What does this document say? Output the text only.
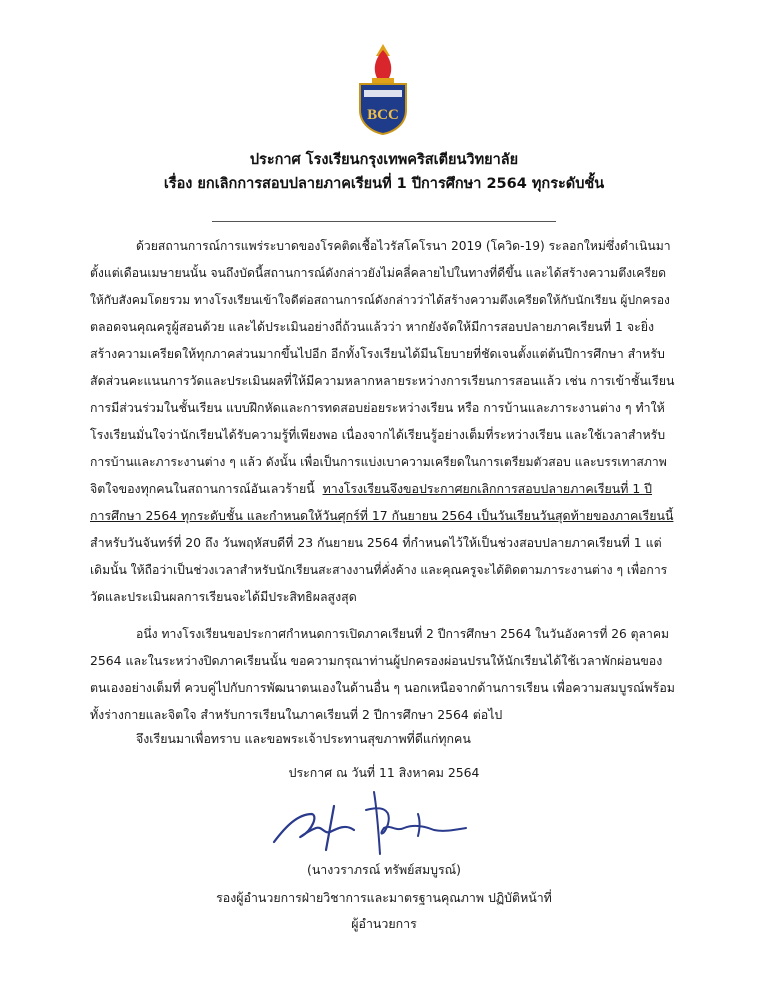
BCC
ประกาศ โรงเรียนกรุงเทพคริสเตียนวิทยาลัย
เรื่อง ยกเลิกการสอบปลายภาคเรียนที่ 1 ปีการศึกษา 2564 ทุกระดับชั้น
ด้วยสถานการณ์การแพร่ระบาดของโรคติดเชื้อไวรัสโคโรนา 2019 (โควิด-19) ระลอกใหม่ซึ่งดำเนินมา
ตั้งแต่เดือนเมษายนนั้น จนถึงบัดนี้สถานการณ์ดังกล่าวยังไม่คลี่คลายไปในทางที่ดีขึ้น และได้สร้างความตึงเครียด
ให้กับสังคมโดยรวม ทางโรงเรียนเข้าใจดีต่อสถานการณ์ดังกล่าวว่าได้สร้างความตึงเครียดให้กับนักเรียน ผู้ปกครอง
ตลอดจนคุณครูผู้สอนด้วย และได้ประเมินอย่างถี่ถ้วนแล้วว่า หากยังจัดให้มีการสอบปลายภาคเรียนที่ 1 จะยิ่ง
สร้างความเครียดให้ทุกภาคส่วนมากขึ้นไปอีก อีกทั้งโรงเรียนได้มีนโยบายที่ชัดเจนตั้งแต่ต้นปีการศึกษา สำหรับ
สัดส่วนคะแนนการวัดและประเมินผลที่ให้มีความหลากหลายระหว่างการเรียนการสอนแล้ว เช่น การเข้าชั้นเรียน
การมีส่วนร่วมในชั้นเรียน แบบฝึกหัดและการทดสอบย่อยระหว่างเรียน หรือ การบ้านและภาระงานต่าง ๆ ทำให้
โรงเรียนมั่นใจว่านักเรียนได้รับความรู้ที่เพียงพอ เนื่องจากได้เรียนรู้อย่างเต็มที่ระหว่างเรียน และใช้เวลาสำหรับ
การบ้านและภาระงานต่าง ๆ แล้ว ดังนั้น เพื่อเป็นการแบ่งเบาความเครียดในการเตรียมตัวสอบ และบรรเทาสภาพ
จิตใจของทุกคนในสถานการณ์อันเลวร้ายนี้ ทางโรงเรียนจึงขอประกาศยกเลิกการสอบปลายภาคเรียนที่ 1 ปี
การศึกษา 2564 ทุกระดับชั้น และกำหนดให้วันศุกร์ที่ 17 กันยายน 2564 เป็นวันเรียนวันสุดท้ายของภาคเรียนนี้
สำหรับวันจันทร์ที่ 20 ถึง วันพฤหัสบดีที่ 23 กันยายน 2564 ที่กำหนดไว้ให้เป็นช่วงสอบปลายภาคเรียนที่ 1 แต่
เดิมนั้น ให้ถือว่าเป็นช่วงเวลาสำหรับนักเรียนสะสางงานที่คั่งค้าง และคุณครูจะได้ติดตามภาระงานต่าง ๆ เพื่อการ
วัดและประเมินผลการเรียนจะได้มีประสิทธิผลสูงสุด
อนึ่ง ทางโรงเรียนขอประกาศกำหนดการเปิดภาคเรียนที่ 2 ปีการศึกษา 2564 ในวันอังคารที่ 26 ตุลาคม
2564 และในระหว่างปิดภาคเรียนนั้น ขอความกรุณาท่านผู้ปกครองผ่อนปรนให้นักเรียนได้ใช้เวลาพักผ่อนของ
ตนเองอย่างเต็มที่ ควบคู่ไปกับการพัฒนาตนเองในด้านอื่น ๆ นอกเหนือจากด้านการเรียน เพื่อความสมบูรณ์พร้อม
ทั้งร่างกายและจิตใจ สำหรับการเรียนในภาคเรียนที่ 2 ปีการศึกษา 2564 ต่อไป
จึงเรียนมาเพื่อทราบ และขอพระเจ้าประทานสุขภาพที่ดีแก่ทุกคน
ประกาศ ณ วันที่ 11 สิงหาคม 2564
(นางวราภรณ์ ทรัพย์สมบูรณ์)
รองผู้อำนวยการฝ่ายวิชาการและมาตรฐานคุณภาพ ปฏิบัติหน้าที่
ผู้อำนวยการ
